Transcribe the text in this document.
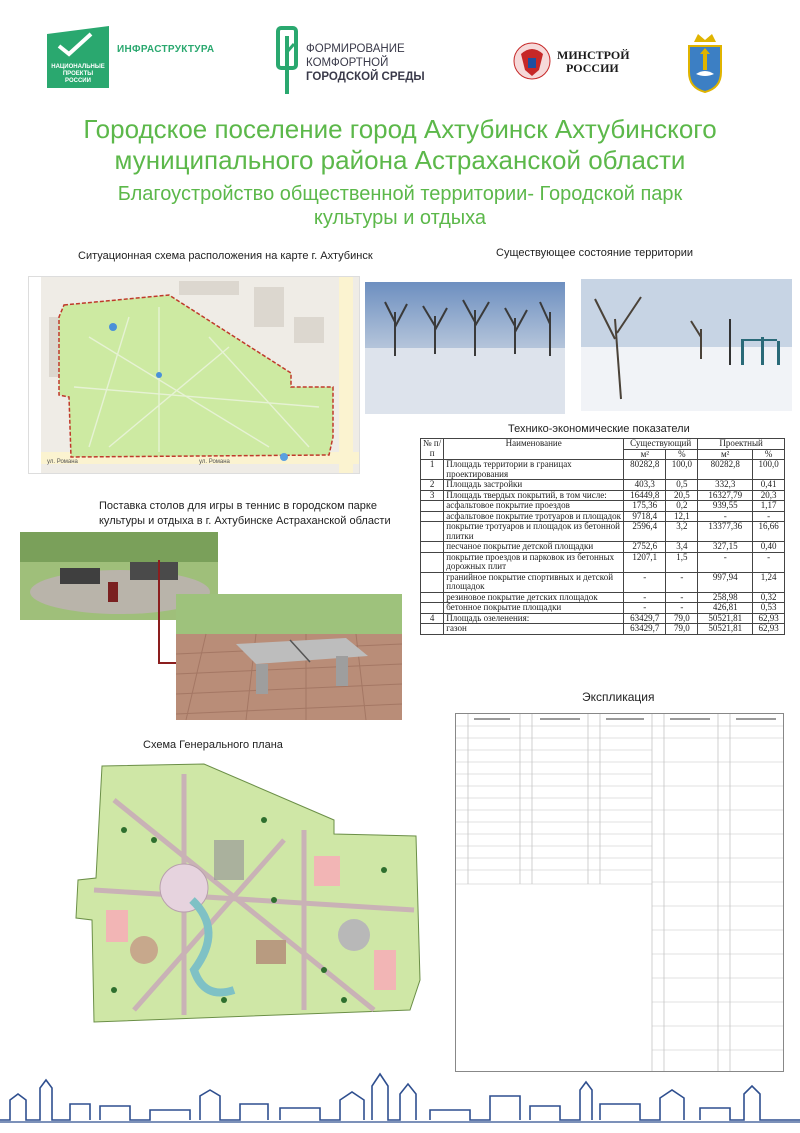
НАЦИОНАЛЬНЫЕ
ПРОЕКТЫ
РОССИИ
ИНФРАСТРУКТУРА	ФОРМИРОВАНИЕ
КОМФОРТНОЙ
ГОРОДСКОЙ СРЕДЫ
МИНСТРОЙ
РОССИИ
Городское поселение город Ахтубинск Ахтубинского
муниципального района Астраханской области
Благоустройство общественной территории- Городской парк
культуры и отдыха
Ситуационная схема расположения на карте г. Ахтубинск
ул. Романа	ул. Романа
Существующее состояние территории
Поставка столов для игры в теннис в городском парке
культуры и отдыха в г. Ахтубинске Астраханской области
Технико-экономические показатели
№ п/п	Наименование	Существующий		Проектный	
		м²	%	м²	%
1	Площадь территории в границах проектирования	80282,8	100,0	80282,8	100,0
2	Площадь застройки	403,3	0,5	332,3	0,41
3	Площадь твердых покрытий, в том числе:	16449,8	20,5	16327,79	20,3
	асфальтовое покрытие проездов	175,36	0,2	939,55	1,17
	асфальтовое покрытие тротуаров и площадок	9718,4	12,1	-	-
	покрытие тротуаров и площадок из бетонной плитки	2596,4	3,2	13377,36	16,66
	песчаное покрытие детской площадки	2752,6	3,4	327,15	0,40
	покрытие проездов и парковок из бетонных дорожных плит	1207,1	1,5	-	-
	гранийное покрытие спортивных и детской площадок	-	-	997,94	1,24
	резиновое покрытие детских площадок	-	-	258,98	0,32
	бетонное покрытие площадки	-	-	426,81	0,53
4	Площадь озеленения:	63429,7	79,0	50521,81	62,93
	газон	63429,7	79,0	50521,81	62,93
Экспликация
Схема Генерального плана
